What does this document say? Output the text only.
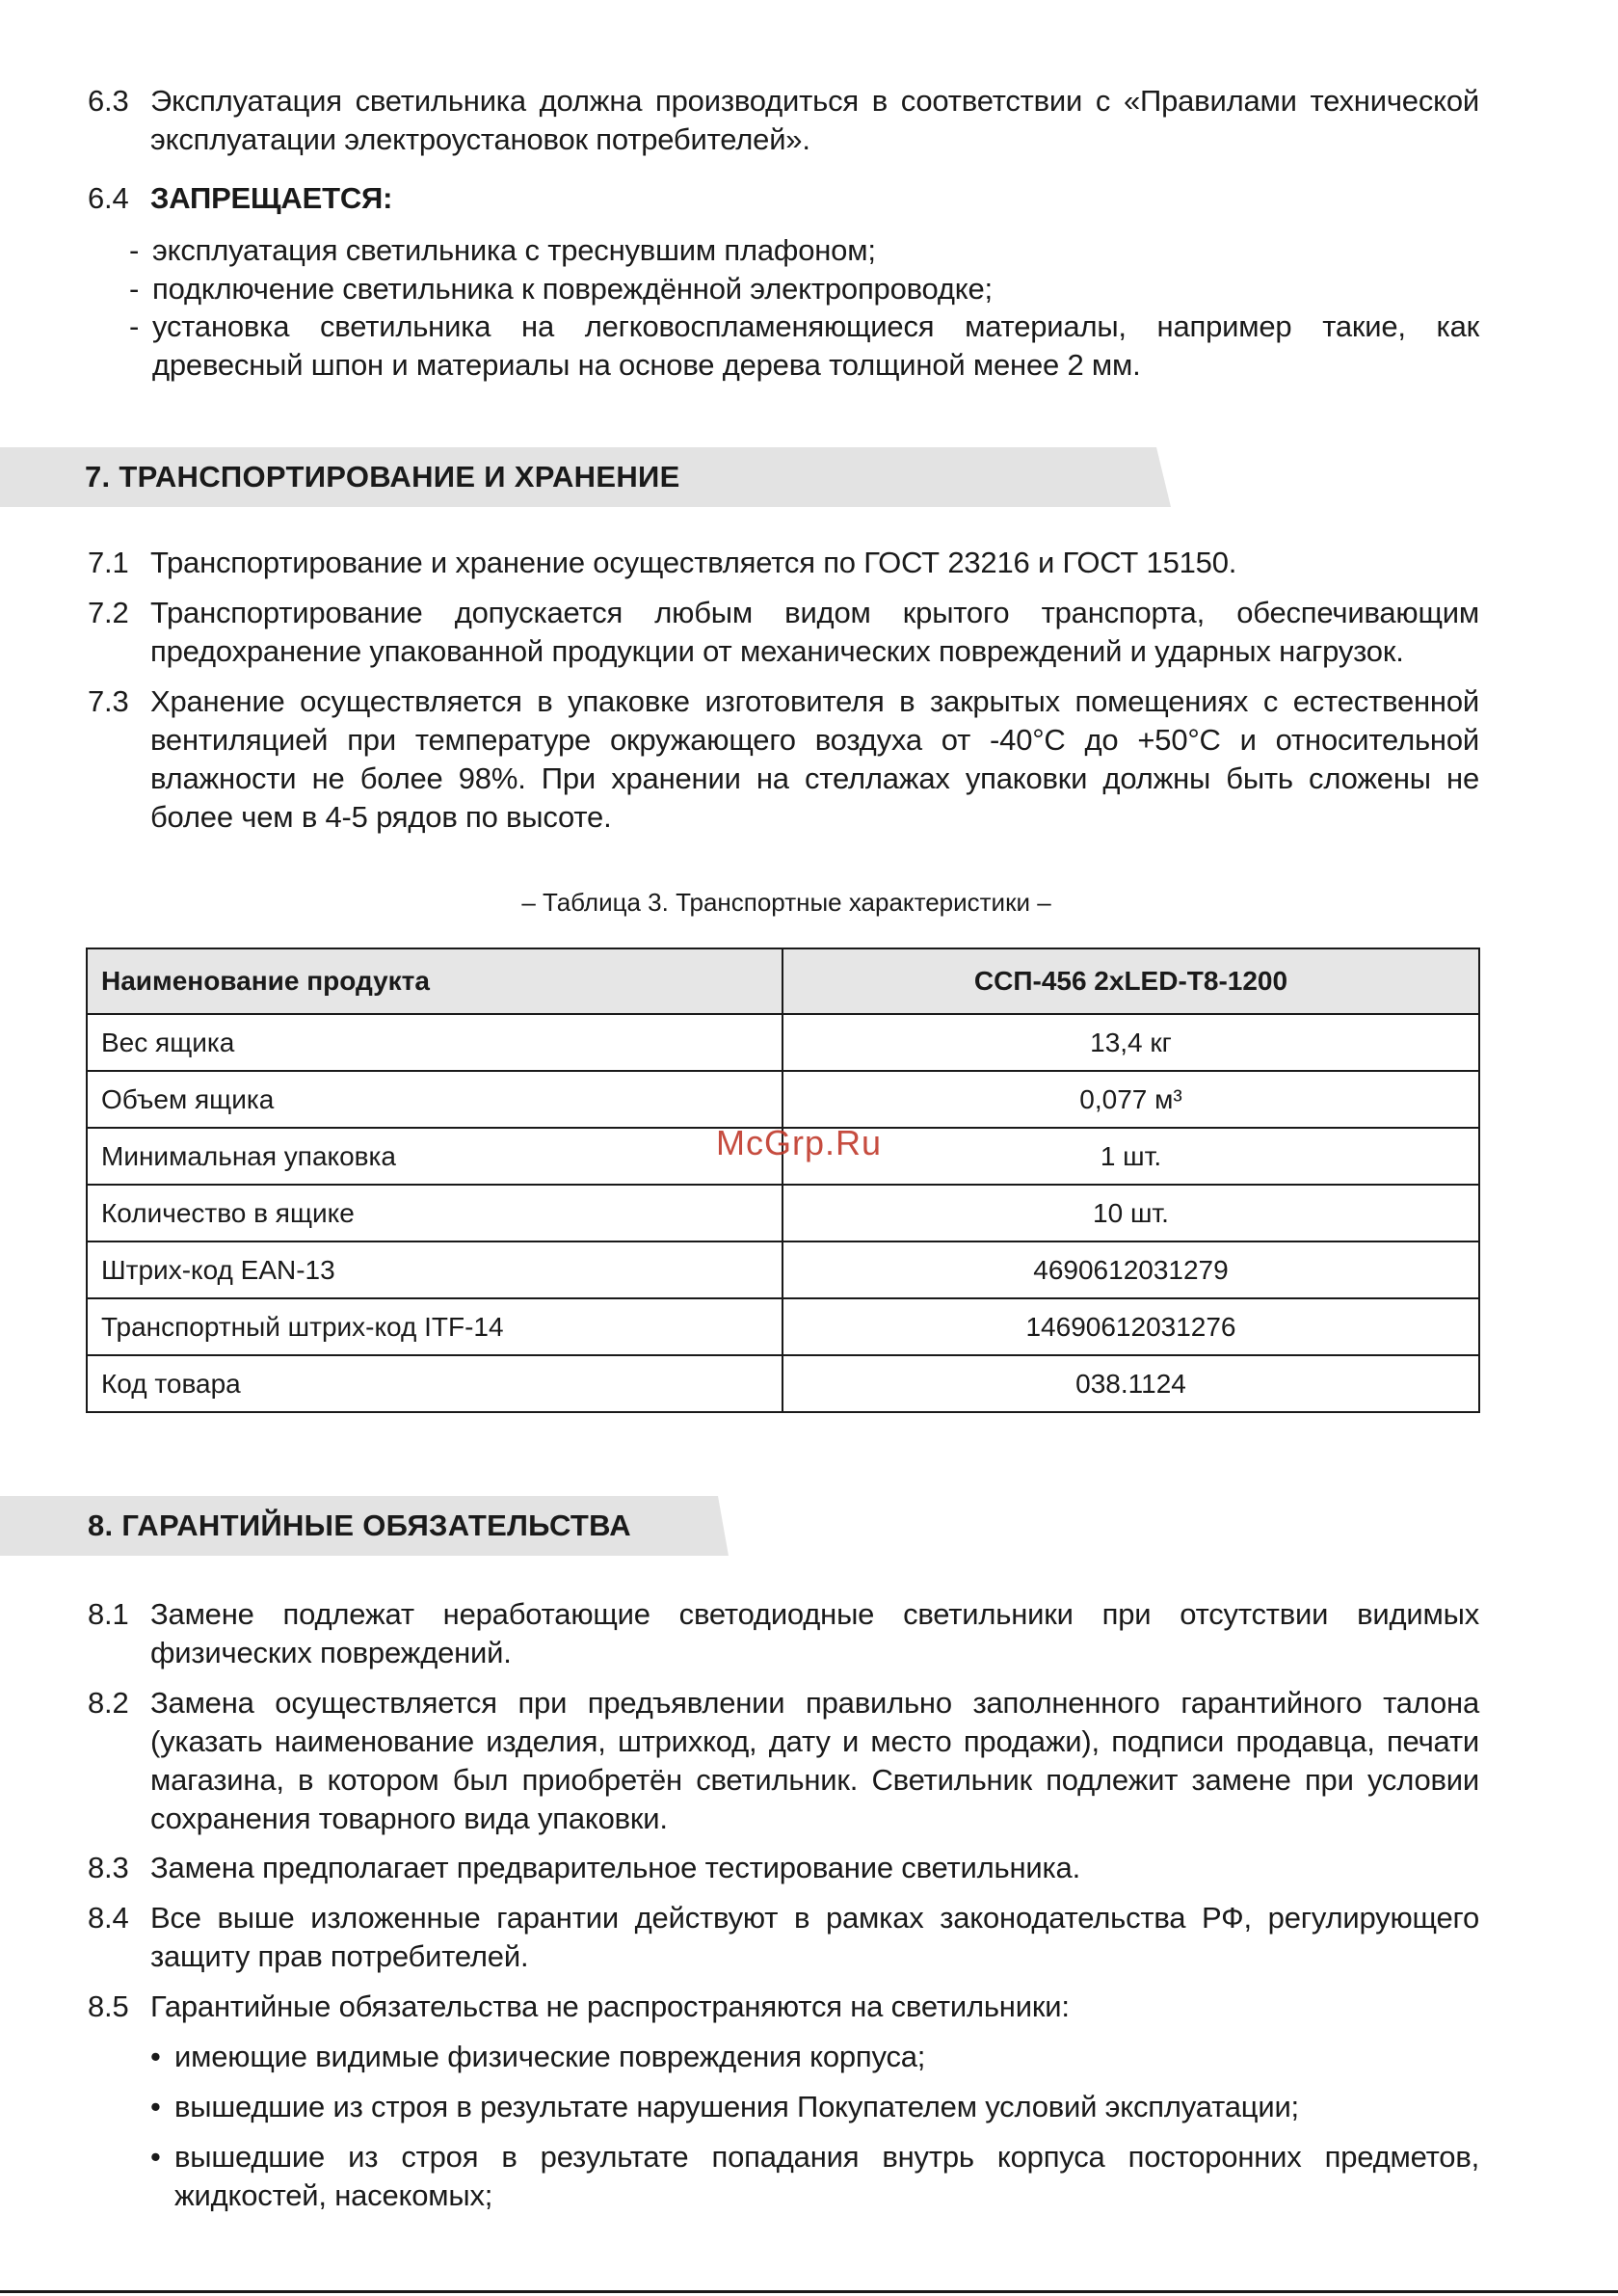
6.3 Эксплуатация светильника должна производиться в соответствии с «Правилами технической эксплуатации электроустановок потребителей».
6.4 ЗАПРЕЩАЕТСЯ:
- эксплуатация светильника с треснувшим плафоном;
- подключение светильника к повреждённой электропроводке;
- установка светильника на легковоспламеняющиеся материалы, например такие, как древесный шпон и материалы на основе дерева толщиной менее 2 мм.
7. ТРАНСПОРТИРОВАНИЕ И ХРАНЕНИЕ
7.1 Транспортирование и хранение осуществляется по ГОСТ 23216 и ГОСТ 15150.
7.2 Транспортирование допускается любым видом крытого транспорта, обеспечивающим предохранение упакованной продукции от механических повреждений и ударных нагрузок.
7.3 Хранение осуществляется в упаковке изготовителя в закрытых помещениях с естественной вентиляцией при температуре окружающего воздуха от -40°С до +50°С и относительной влажности не более 98%. При хранении на стеллажах упаковки должны быть сложены не более чем в 4-5 рядов по высоте.
– Таблица 3. Транспортные характеристики –
Наименование продукта	ССП-456 2xLED-Т8-1200
Вес ящика	13,4 кг
Объем ящика	0,077 м³
Минимальная упаковка	1 шт.
Количество в ящике	10 шт.
Штрих-код EAN-13	4690612031279
Транспортный штрих-код ITF-14	14690612031276
Код товара	038.1124
McGrp.Ru
8. ГАРАНТИЙНЫЕ ОБЯЗАТЕЛЬСТВА
8.1 Замене подлежат неработающие светодиодные светильники при отсутствии видимых физических повреждений.
8.2 Замена осуществляется при предъявлении правильно заполненного гарантийного талона (указать наименование изделия, штрихкод, дату и место продажи), подписи продавца, печати магазина, в котором был приобретён светильник. Светильник подлежит замене при условии сохранения товарного вида упаковки.
8.3 Замена предполагает предварительное тестирование светильника.
8.4 Все выше изложенные гарантии действуют в рамках законодательства РФ, регулирующего защиту прав потребителей.
8.5 Гарантийные обязательства не распространяются на светильники:
• имеющие видимые физические повреждения корпуса;
• вышедшие из строя в результате нарушения Покупателем условий эксплуатации;
• вышедшие из строя в результате попадания внутрь корпуса посторонних предметов, жидкостей, насекомых;
